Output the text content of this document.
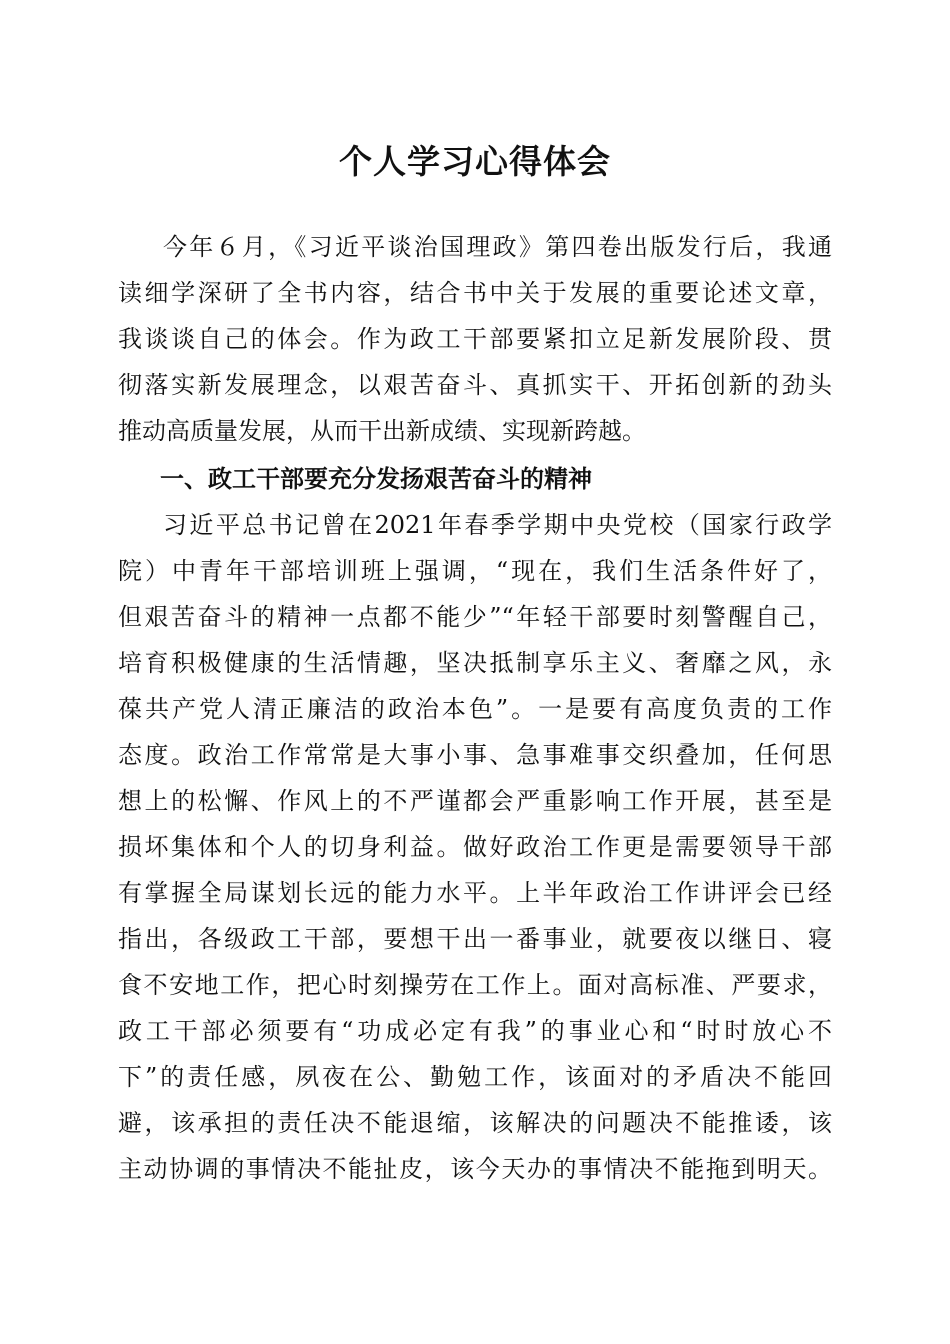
个人学习心得体会

今年６月，《习近平谈治国理政》第四卷出版发行后，我通

读细学深研了全书内容，结合书中关于发展的重要论述文章，

我谈谈自己的体会。作为政工干部要紧扣立足新发展阶段、贯

彻落实新发展理念，以艰苦奋斗、真抓实干、开拓创新的劲头

推动高质量发展，从而干出新成绩、实现新跨越。

一、政工干部要充分发扬艰苦奋斗的精神

习近平总书记曾在2021年春季学期中央党校（国家行政学

院）中青年干部培训班上强调，“现在，我们生活条件好了，

但艰苦奋斗的精神一点都不能少”“年轻干部要时刻警醒自己，

培育积极健康的生活情趣，坚决抵制享乐主义、奢靡之风，永

葆共产党人清正廉洁的政治本色”。一是要有高度负责的工作

态度。政治工作常常是大事小事、急事难事交织叠加，任何思

想上的松懈、作风上的不严谨都会严重影响工作开展，甚至是

损坏集体和个人的切身利益。做好政治工作更是需要领导干部

有掌握全局谋划长远的能力水平。上半年政治工作讲评会已经

指出，各级政工干部，要想干出一番事业，就要夜以继日、寝

食不安地工作，把心时刻操劳在工作上。面对高标准、严要求，

政工干部必须要有“功成必定有我”的事业心和“时时放心不

下”的责任感，夙夜在公、勤勉工作，该面对的矛盾决不能回

避，该承担的责任决不能退缩，该解决的问题决不能推诿，该

主动协调的事情决不能扯皮，该今天办的事情决不能拖到明天。
